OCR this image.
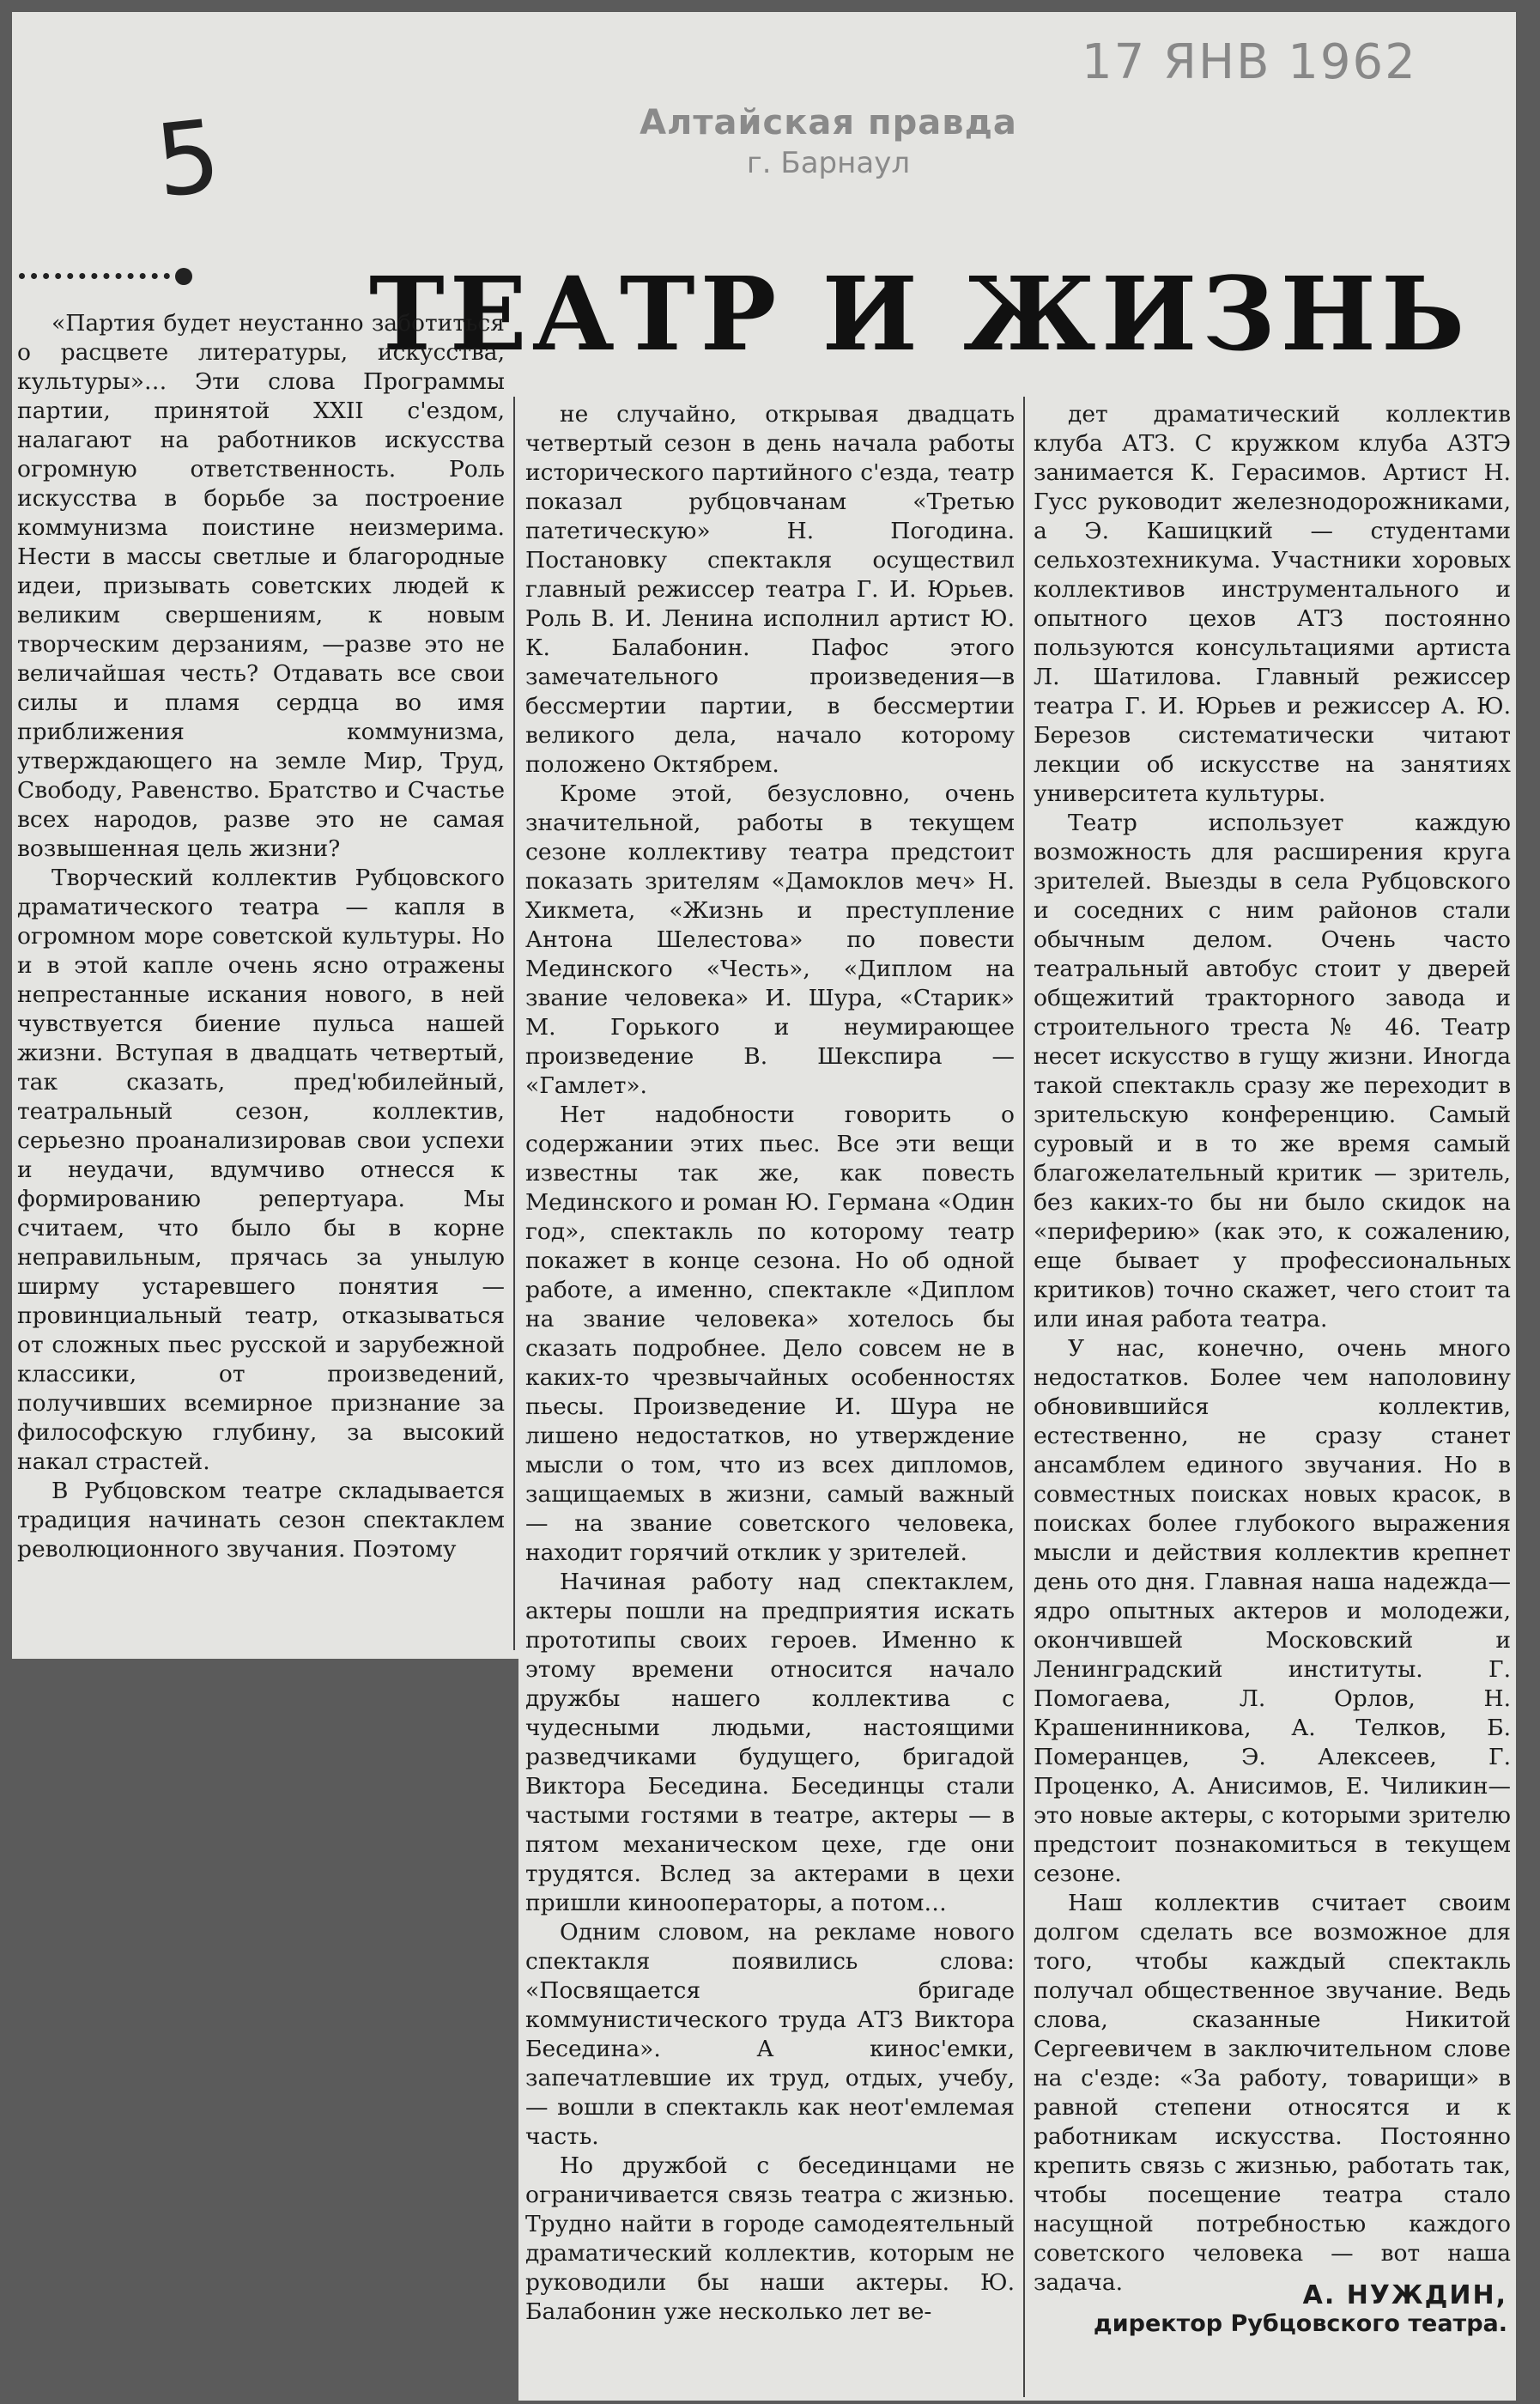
5	Алтайская правда
г. Барнаул
17 ЯНВ 1962
ТЕАТР И ЖИЗНЬ

«Партия будет неустанно заботиться о расцвете литературы, искусства, культуры»… Эти слова Программы партии, принятой XXII с'ездом, налагают на работников искусства огромную ответственность. Роль искусства в борьбе за построение коммунизма поистине неизмерима. Нести в массы светлые и благородные идеи, призывать советских людей к великим свершениям, к новым творческим дерзаниям, —разве это не величайшая честь? Отдавать все свои силы и пламя сердца во имя приближения коммунизма, утверждающего на земле Мир, Труд, Свободу, Равенство. Братство и Счастье всех народов, разве это не самая возвышенная цель жизни?

Творческий коллектив Рубцовского драматического театра — капля в огромном море советской культуры. Но и в этой капле очень ясно отражены непрестанные искания нового, в ней чувствуется биение пульса нашей жизни. Вступая в двадцать четвертый, так сказать, пред'юбилейный, театральный сезон, коллектив, серьезно проанализировав свои успехи и неудачи, вдумчиво отнесся к формированию репертуара. Мы считаем, что было бы в корне неправильным, прячась за унылую ширму устаревшего понятия — провинциальный театр, отказываться от сложных пьес русской и зарубежной классики, от произведений, получивших всемирное признание за философскую глубину, за высокий накал страстей.

В Рубцовском театре складывается традиция начинать сезон спектаклем революционного звучания. Поэтому

не случайно, открывая двадцать четвертый сезон в день начала работы исторического партийного с'езда, театр показал рубцовчанам «Третью патетическую» Н. Погодина. Постановку спектакля осуществил главный режиссер театра Г. И. Юрьев. Роль В. И. Ленина исполнил артист Ю. К. Балабонин. Пафос этого замечательного произведения—в бессмертии партии, в бессмертии великого дела, начало которому положено Октябрем.

Кроме этой, безусловно, очень значительной, работы в текущем сезоне коллективу театра предстоит показать зрителям «Дамоклов меч» Н. Хикмета, «Жизнь и преступление Антона Шелестова» по повести Мединского «Честь», «Диплом на звание человека» И. Шура, «Старик» М. Горького и неумирающее произведение В. Шекспира — «Гамлет».

Нет надобности говорить о содержании этих пьес. Все эти вещи известны так же, как повесть Мединского и роман Ю. Германа «Один год», спектакль по которому театр покажет в конце сезона. Но об одной работе, а именно, спектакле «Диплом на звание человека» хотелось бы сказать подробнее. Дело совсем не в каких-то чрезвычайных особенностях пьесы. Произведение И. Шура не лишено недостатков, но утверждение мысли о том, что из всех дипломов, защищаемых в жизни, самый важный — на звание советского человека, находит горячий отклик у зрителей.

Начиная работу над спектаклем, актеры пошли на предприятия искать прототипы своих героев. Именно к этому времени относится начало дружбы нашего коллектива с чудесными людьми, настоящими разведчиками будущего, бригадой Виктора Беседина. Бесединцы стали частыми гостями в театре, актеры — в пятом механическом цехе, где они трудятся. Вслед за актерами в цехи пришли кинооператоры, а потом…

Одним словом, на рекламе нового спектакля появились слова: «Посвящается бригаде коммунистического труда АТЗ Виктора Беседина». А киноc'емки, запечатлевшие их труд, отдых, учебу, — вошли в спектакль как неот'емлемая часть.

Но дружбой с бесединцами не ограничивается связь театра с жизнью. Трудно найти в городе самодеятельный драматический коллектив, которым не руководили бы наши актеры. Ю. Балабонин уже несколько лет ве-

дет драматический коллектив клуба АТЗ. С кружком клуба АЗТЭ занимается К. Герасимов. Артист Н. Гусс руководит железнодорожниками, а Э. Кашицкий — студентами сельхозтехникума. Участники хоровых коллективов инструментального и опытного цехов АТЗ постоянно пользуются консультациями артиста Л. Шатилова. Главный режиссер театра Г. И. Юрьев и режиссер А. Ю. Березов систематически читают лекции об искусстве на занятиях университета культуры.

Театр использует каждую возможность для расширения круга зрителей. Выезды в села Рубцовского и соседних с ним районов стали обычным делом. Очень часто театральный автобус стоит у дверей общежитий тракторного завода и строительного треста № 46. Театр несет искусство в гущу жизни. Иногда такой спектакль сразу же переходит в зрительскую конференцию. Самый суровый и в то же время самый благожелательный критик — зритель, без каких-то бы ни было скидок на «периферию» (как это, к сожалению, еще бывает у профессиональных критиков) точно скажет, чего стоит та или иная работа театра.

У нас, конечно, очень много недостатков. Более чем наполовину обновившийся коллектив, естественно, не сразу станет ансамблем единого звучания. Но в совместных поисках новых красок, в поисках более глубокого выражения мысли и действия коллектив крепнет день ото дня. Главная наша надежда— ядро опытных актеров и молодежи, окончившей Московский и Ленинградский институты. Г. Помогаева, Л. Орлов, Н. Крашенинникова, А. Телков, Б. Померанцев, Э. Алексеев, Г. Проценко, А. Анисимов, Е. Чиликин—это новые актеры, с которыми зрителю предстоит познакомиться в текущем сезоне.

Наш коллектив считает своим долгом сделать все возможное для того, чтобы каждый спектакль получал общественное звучание. Ведь слова, сказанные Никитой Сергеевичем в заключительном слове на с'езде: «За работу, товарищи» в равной степени относятся и к работникам искусства. Постоянно крепить связь с жизнью, работать так, чтобы посещение театра стало насущной потребностью каждого советского человека — вот наша задача.	А. НУЖДИН,
директор Рубцовского театра.
